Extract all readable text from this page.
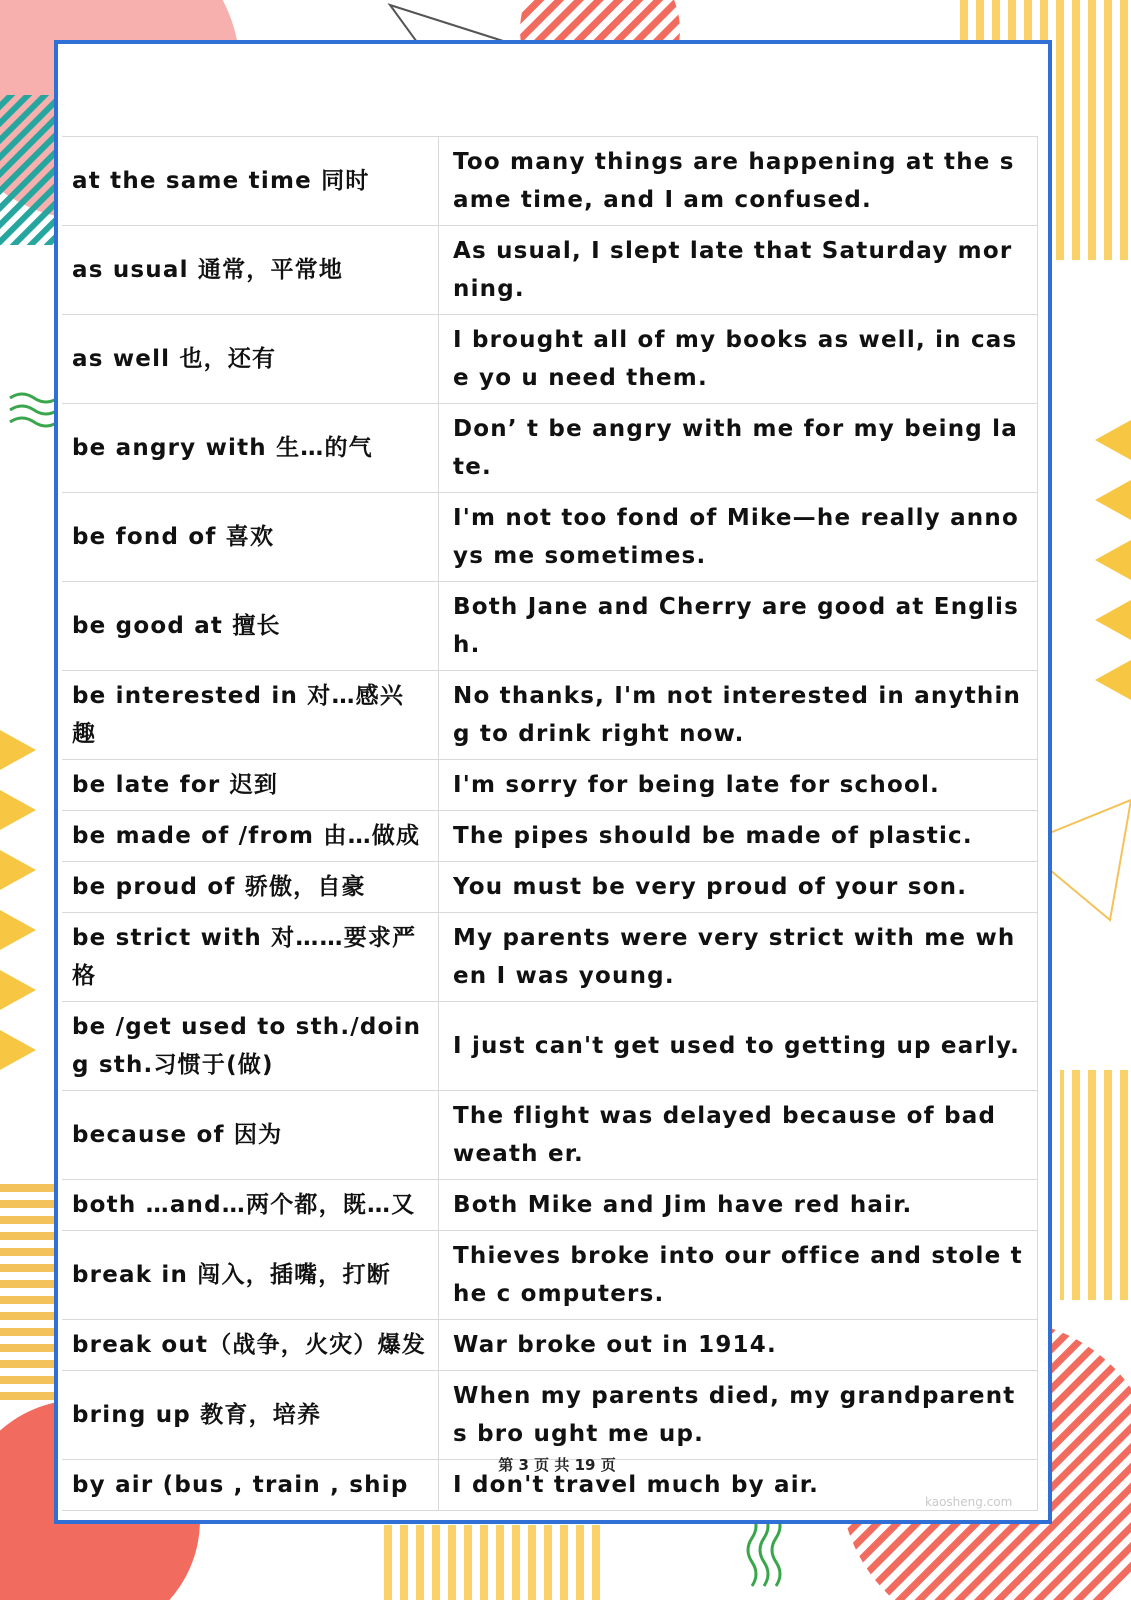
at the same time 同时	Too many things are happening at the same time, and I am confused.
as usual 通常，平常地	As usual, I slept late that Saturday morning.
as well 也，还有	I brought all of my books as well, in case yo u need them.
be angry with 生…的气	Don’ t be angry with me for my being late.
be fond of 喜欢	I'm not too fond of Mike—he really annoys me sometimes.
be good at 擅长	Both Jane and Cherry are good at English.
be interested in 对…感兴趣	No thanks, I'm not interested in anything to drink right now.
be late for 迟到	I'm sorry for being late for school.
be made of /from 由…做成	The pipes should be made of plastic.
be proud of 骄傲，自豪	You must be very proud of your son.
be strict with 对……要求严格	My parents were very strict with me when I was young.
be /get used to sth./doing sth.习惯于(做)	I just can't get used to getting up early.
because of 因为	The flight was delayed because of bad weath er.
both …and…两个都，既…又	Both Mike and Jim have red hair.
break in 闯入，插嘴，打断	Thieves broke into our office and stole the c omputers.
break out（战争，火灾）爆发	War broke out in 1914.
bring up 教育，培养	When my parents died, my grandparents bro ught me up.
by air (bus , train , ship	I don't travel much by air.
第 3 页 共 19 页
kaosheng.com
